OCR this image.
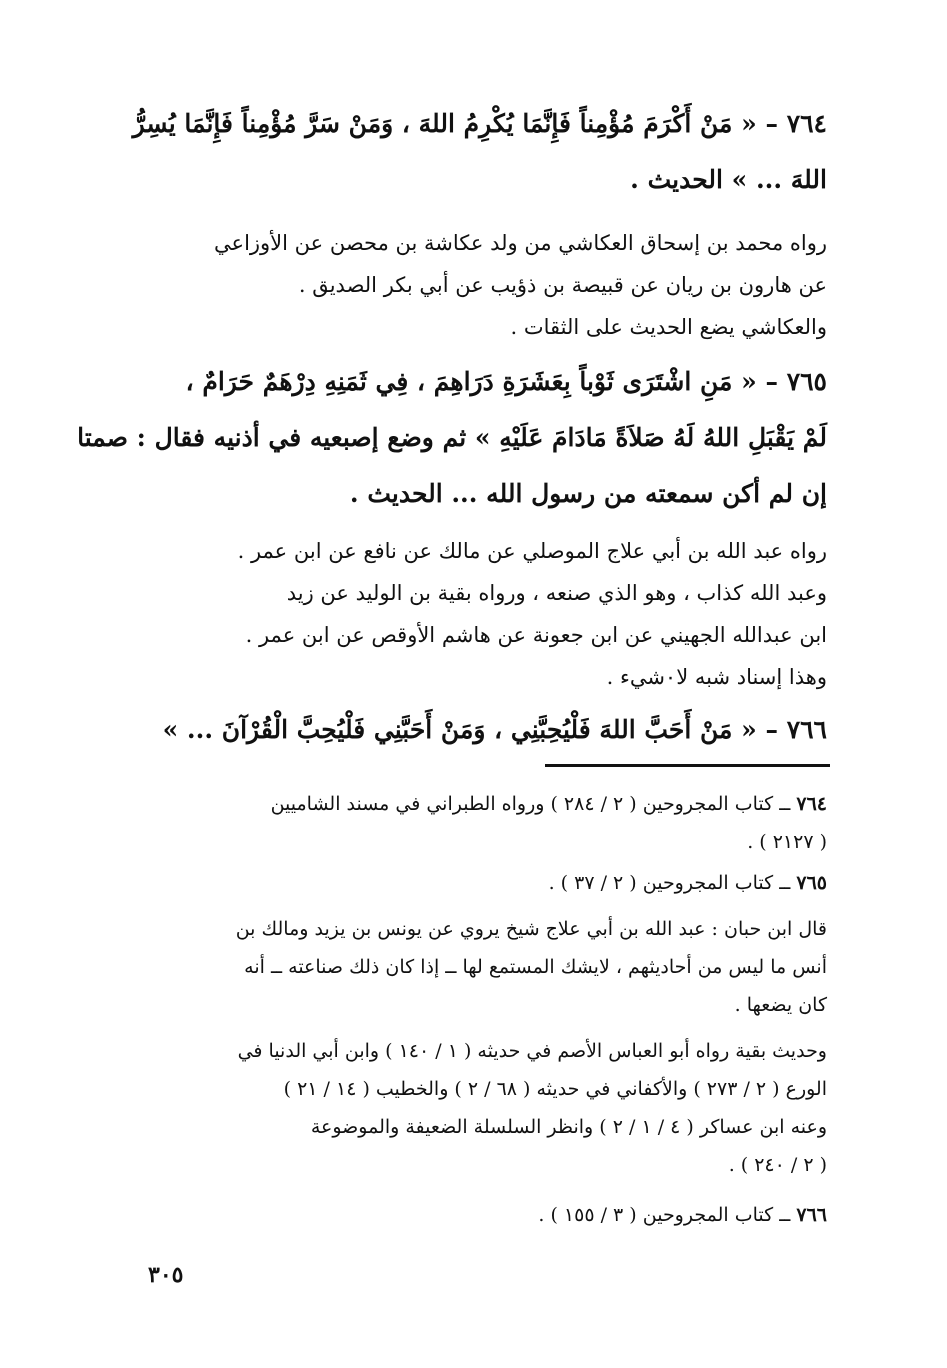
٧٦٤ – « مَنْ أَكْرَمَ مُؤْمِناً فَإِنَّمَا يُكْرِمُ اللهَ ، وَمَنْ سَرَّ مُؤْمِناً فَإِنَّمَا يُسِرُّ
اللهَ ... » الحديث .
رواه محمد بن إسحاق العكاشي من ولد عكاشة بن محصن عن الأوزاعي
عن هارون بن ريان عن قبيصة بن ذؤيب عن أبي بكر الصديق .
والعكاشي يضع الحديث على الثقات .
٧٦٥ – « مَنِ اشْتَرَى ثَوْباً بِعَشَرَةِ دَرَاهِمَ ، فِي ثَمَنِهِ دِرْهَمٌ حَرَامٌ ،
لَمْ يَقْبَلِ اللهُ لَهُ صَلاَةً مَادَامَ عَلَيْهِ » ثم وضع إصبعيه في أذنيه فقال : صمتا
إن لم أكن سمعته من رسول الله ... الحديث .
رواه عبد الله بن أبي علاج الموصلي عن مالك عن نافع عن ابن عمر .
وعبد الله كذاب ، وهو الذي صنعه ، ورواه بقية بن الوليد عن زيد
ابن عبدالله الجهيني عن ابن جعونة عن هاشم الأوقص عن ابن عمر .
وهذا إسناد شبه لا٠شيء .
٧٦٦ – « مَنْ أَحَبَّ اللهَ فَلْيُحِبَّنِي ، وَمَنْ أَحَبَّنِي فَلْيُحِبَّ الْقُرْآنَ ... »
٧٦٤ ــ كتاب المجروحين ( ٢ / ٢٨٤ ) ورواه الطبراني في مسند الشاميين
( ٢١٢٧ ) .
٧٦٥ ــ كتاب المجروحين ( ٢ / ٣٧ ) .
قال ابن حبان : عبد الله بن أبي علاج شيخ يروي عن يونس بن يزيد ومالك بن
أنس ما ليس من أحاديثهم ، لايشك المستمع لها ــ إذا كان ذلك صناعته ــ أنه
كان يضعها .
وحديث بقية رواه أبو العباس الأصم في حديثه ( ١ / ١٤٠ ) وابن أبي الدنيا في
الورع ( ٢ / ٢٧٣ ) والأكفاني في حديثه ( ٦٨ / ٢ ) والخطيب ( ١٤ / ٢١ )
وعنه ابن عساكر ( ٤ / ١ / ٢ ) وانظر السلسلة الضعيفة والموضوعة
( ٢ / ٢٤٠ ) .
٧٦٦ ــ كتاب المجروحين ( ٣ / ١٥٥ ) .
٣٠٥
